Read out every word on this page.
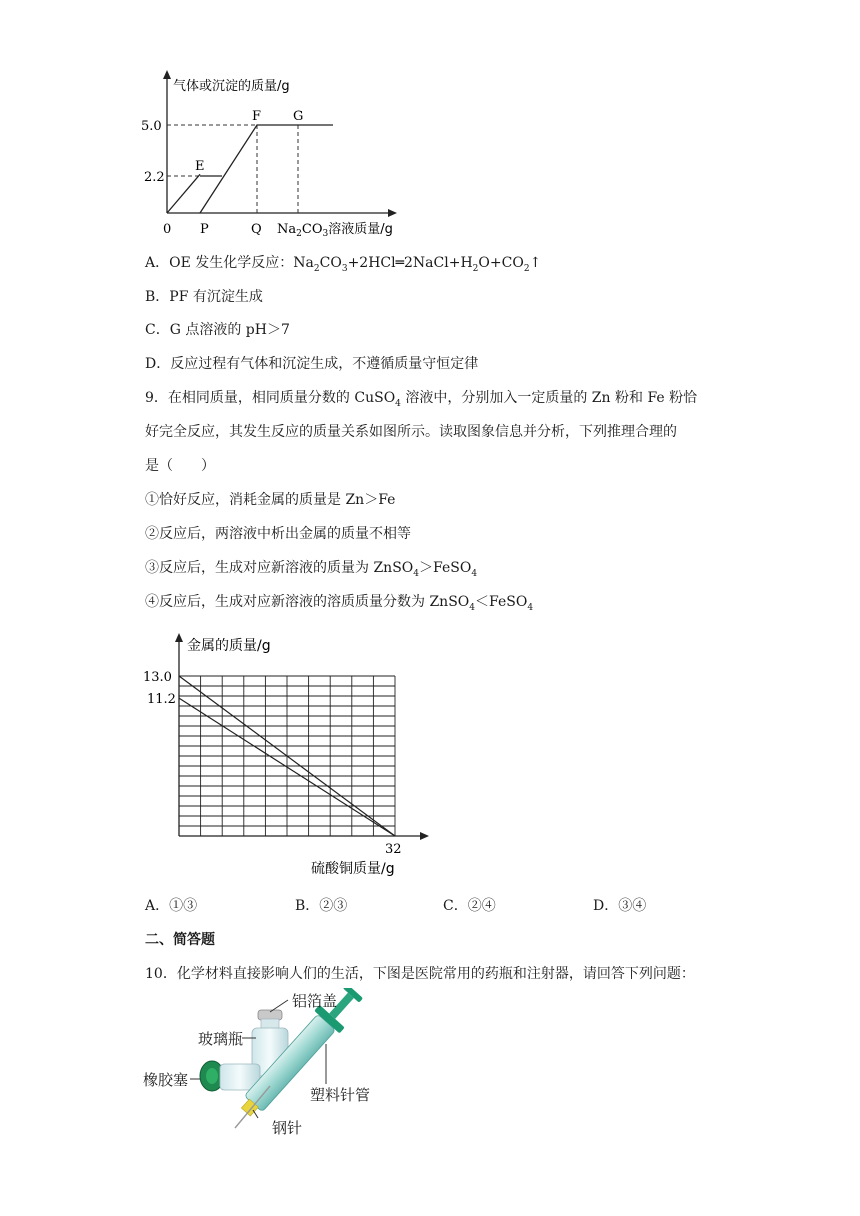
气体或沉淀的质量/g
5.0
2.2
0 P	Q
E
F G
$Na_2CO_3$溶液质量/g
A．OE 发生化学反应：$Na_2CO_3+2HCl═2NaCl+H_2O+CO_2↑$
B．PF 有沉淀生成
C．G 点溶液的 pH＞7
D．反应过程有气体和沉淀生成，不遵循质量守恒定律
9．在相同质量，相同质量分数的 CuSO$_4$ 溶液中，分别加入一定质量的 Zn 粉和 Fe 粉恰
好完全反应，其发生反应的质量关系如图所示。读取图象信息并分析，下列推理合理的
是（　　）
①恰好反应，消耗金属的质量是 Zn＞Fe
②反应后，两溶液中析出金属的质量不相等
③反应后，生成对应新溶液的质量为 ZnSO$_4$＞FeSO$_4$
④反应后，生成对应新溶液的溶质质量分数为 ZnSO$_4$＜FeSO$_4$
金属的质量/g
13.0
11.2
32
硫酸铜质量/g
A．①③	B．②③	C．②④	D．③④
二、简答题
10．化学材料直接影响人们的生活，下图是医院常用的药瓶和注射器，请回答下列问题：
铝箔盖
玻璃瓶
橡胶塞
塑料针管
钢针
